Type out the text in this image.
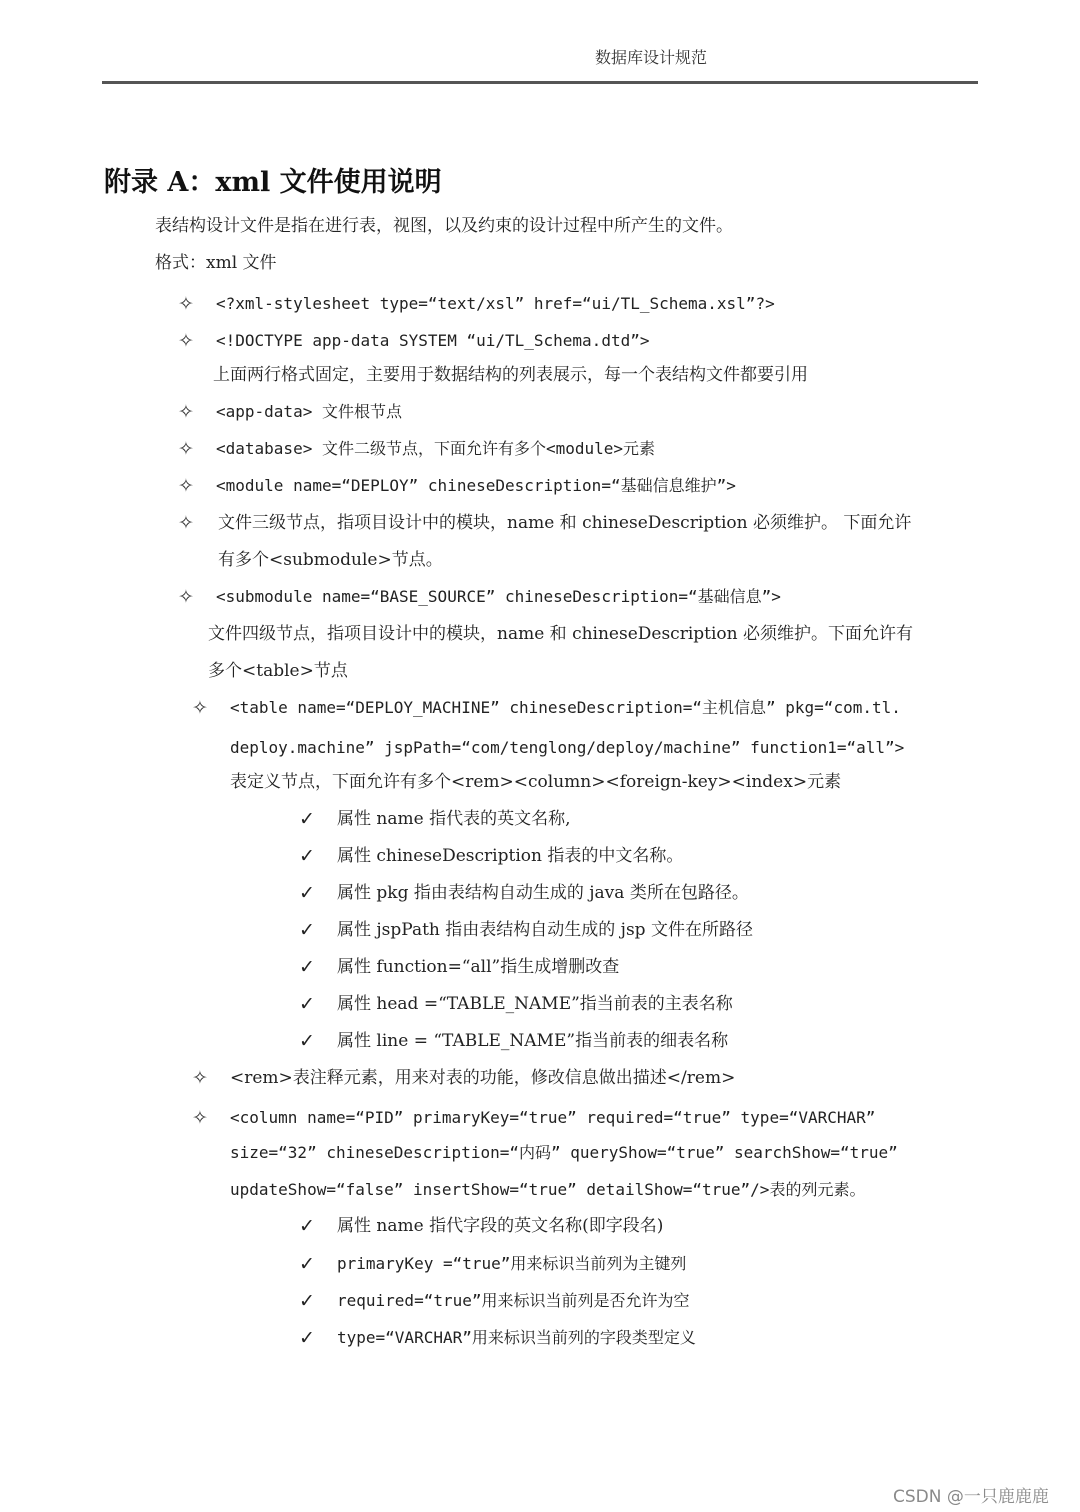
数据库设计规范
附录 A：xml 文件使用说明
表结构设计文件是指在进行表，视图，以及约束的设计过程中所产生的文件。
格式：xml 文件
✧ <?xml-stylesheet type=“text/xsl” href=“ui/TL_Schema.xsl”?>
✧ <!DOCTYPE app-data SYSTEM “ui/TL_Schema.dtd”>
上面两行格式固定，主要用于数据结构的列表展示，每一个表结构文件都要引用
✧ <app-data> 文件根节点
✧ <database> 文件二级节点，下面允许有多个<module>元素
✧ <module name=“DEPLOY” chineseDescription=“基础信息维护”>
✧ 文件三级节点，指项目设计中的模块，name 和 chineseDescription 必须维护。 下面允许
有多个<submodule>节点。
✧ <submodule name=“BASE_SOURCE” chineseDescription=“基础信息”>
文件四级节点，指项目设计中的模块，name 和 chineseDescription 必须维护。下面允许有
多个<table>节点
✧ <table name=“DEPLOY_MACHINE” chineseDescription=“主机信息” pkg=“com.tl.
deploy.machine” jspPath=“com/tenglong/deploy/machine” function1=“all”>
表定义节点，下面允许有多个<rem><column><foreign-key><index>元素
✓ 属性 name 指代表的英文名称,
✓ 属性 chineseDescription 指表的中文名称。
✓ 属性 pkg 指由表结构自动生成的 java 类所在包路径。
✓ 属性 jspPath 指由表结构自动生成的 jsp 文件在所路径
✓ 属性 function=“all”指生成增删改查
✓ 属性 head =“TABLE_NAME”指当前表的主表名称
✓ 属性 line = “TABLE_NAME”指当前表的细表名称
✧ <rem>表注释元素，用来对表的功能，修改信息做出描述</rem>
✧ <column name=“PID” primaryKey=“true” required=“true” type=“VARCHAR”
size=“32” chineseDescription=“内码” queryShow=“true” searchShow=“true”
updateShow=“false” insertShow=“true” detailShow=“true”/>表的列元素。
✓ 属性 name 指代字段的英文名称(即字段名)
✓ primaryKey =“true”用来标识当前列为主键列
✓ required=“true”用来标识当前列是否允许为空
✓ type=“VARCHAR”用来标识当前列的字段类型定义
CSDN @一只鹿鹿鹿
